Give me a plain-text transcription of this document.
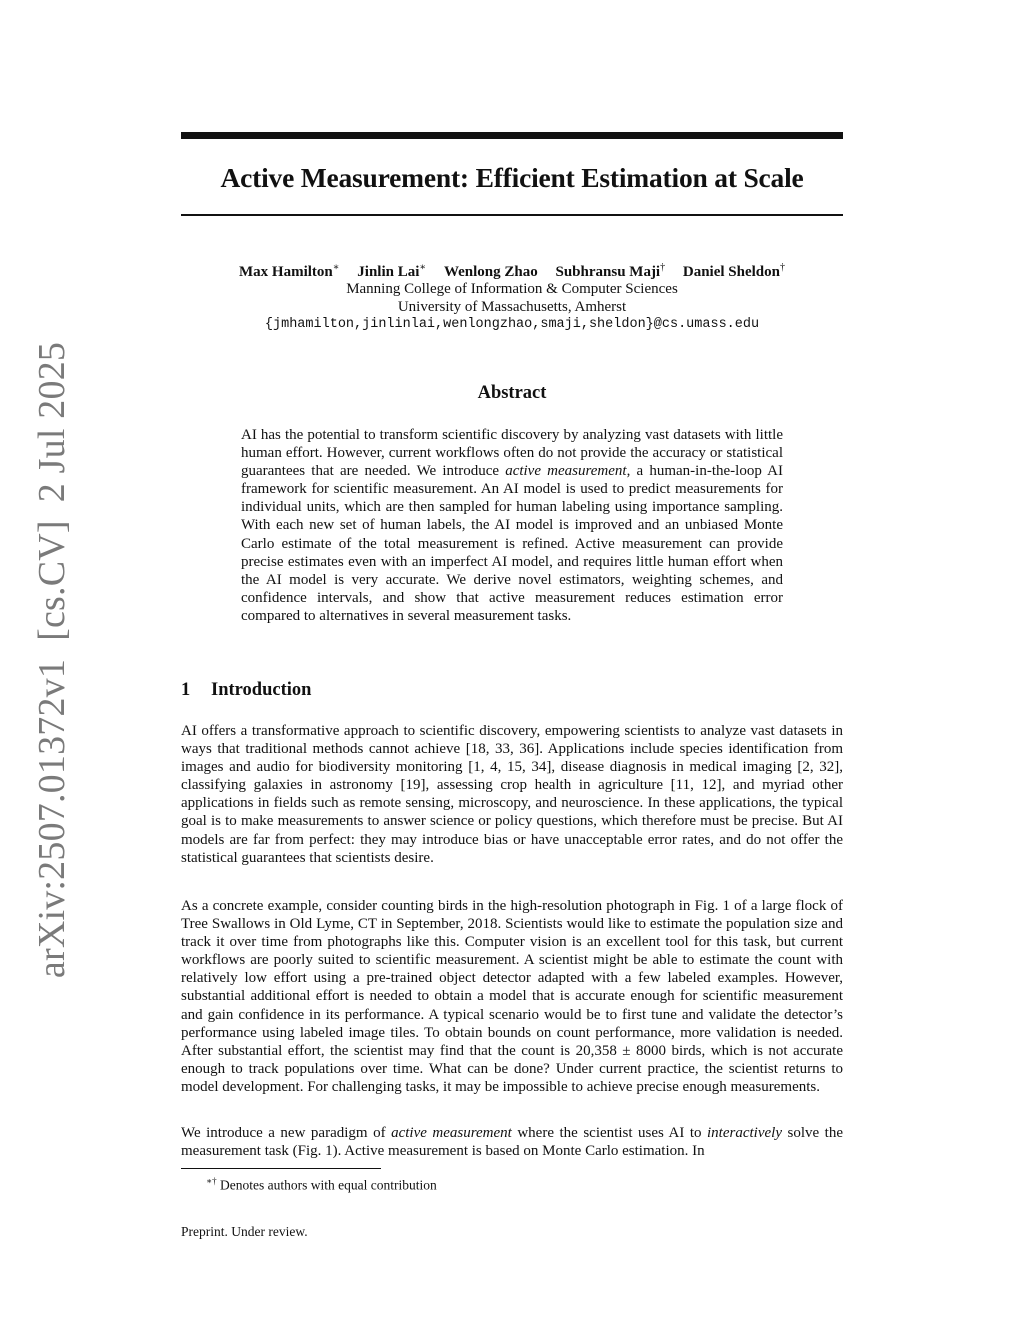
arXiv:2507.01372v1[cs.CV]2 Jul 2025
Active Measurement: Efficient Estimation at Scale
Max Hamilton∗ Jinlin Lai∗ Wenlong Zhao Subhransu Maji† Daniel Sheldon†
Manning College of Information & Computer Sciences
University of Massachusetts, Amherst
{jmhamilton,jinlinlai,wenlongzhao,smaji,sheldon}@cs.umass.edu
Abstract
AI has the potential to transform scientific discovery by analyzing vast datasets with little human effort. However, current workflows often do not provide the accuracy or statistical guarantees that are needed. We introduce active measurement, a human-in-the-loop AI framework for scientific measurement. An AI model is used to predict measurements for individual units, which are then sampled for human labeling using importance sampling. With each new set of human labels, the AI model is improved and an unbiased Monte Carlo estimate of the total measurement is refined. Active measurement can provide precise estimates even with an imperfect AI model, and requires little human effort when the AI model is very accurate. We derive novel estimators, weighting schemes, and confidence intervals, and show that active measurement reduces estimation error compared to alternatives in several measurement tasks.
1 Introduction

AI offers a transformative approach to scientific discovery, empowering scientists to analyze vast datasets in ways that traditional methods cannot achieve [18, 33, 36]. Applications include species identification from images and audio for biodiversity monitoring [1, 4, 15, 34], disease diagnosis in medical imaging [2, 32], classifying galaxies in astronomy [19], assessing crop health in agriculture [11, 12], and myriad other applications in fields such as remote sensing, microscopy, and neuroscience. In these applications, the typical goal is to make measurements to answer science or policy questions, which therefore must be precise. But AI models are far from perfect: they may introduce bias or have unacceptable error rates, and do not offer the statistical guarantees that scientists desire.

As a concrete example, consider counting birds in the high-resolution photograph in Fig. 1 of a large flock of Tree Swallows in Old Lyme, CT in September, 2018. Scientists would like to estimate the population size and track it over time from photographs like this. Computer vision is an excellent tool for this task, but current workflows are poorly suited to scientific measurement. A scientist might be able to estimate the count with relatively low effort using a pre-trained object detector adapted with a few labeled examples. However, substantial additional effort is needed to obtain a model that is accurate enough for scientific measurement and gain confidence in its performance. A typical scenario would be to first tune and validate the detector’s performance using labeled image tiles. To obtain bounds on count performance, more validation is needed. After substantial effort, the scientist may find that the count is 20,358 ± 8000 birds, which is not accurate enough to track populations over time. What can be done? Under current practice, the scientist returns to model development. For challenging tasks, it may be impossible to achieve precise enough measurements.

We introduce a new paradigm of active measurement where the scientist uses AI to interactively solve the measurement task (Fig. 1). Active measurement is based on Monte Carlo estimation. In

∗† Denotes authors with equal contribution
Preprint. Under review.
